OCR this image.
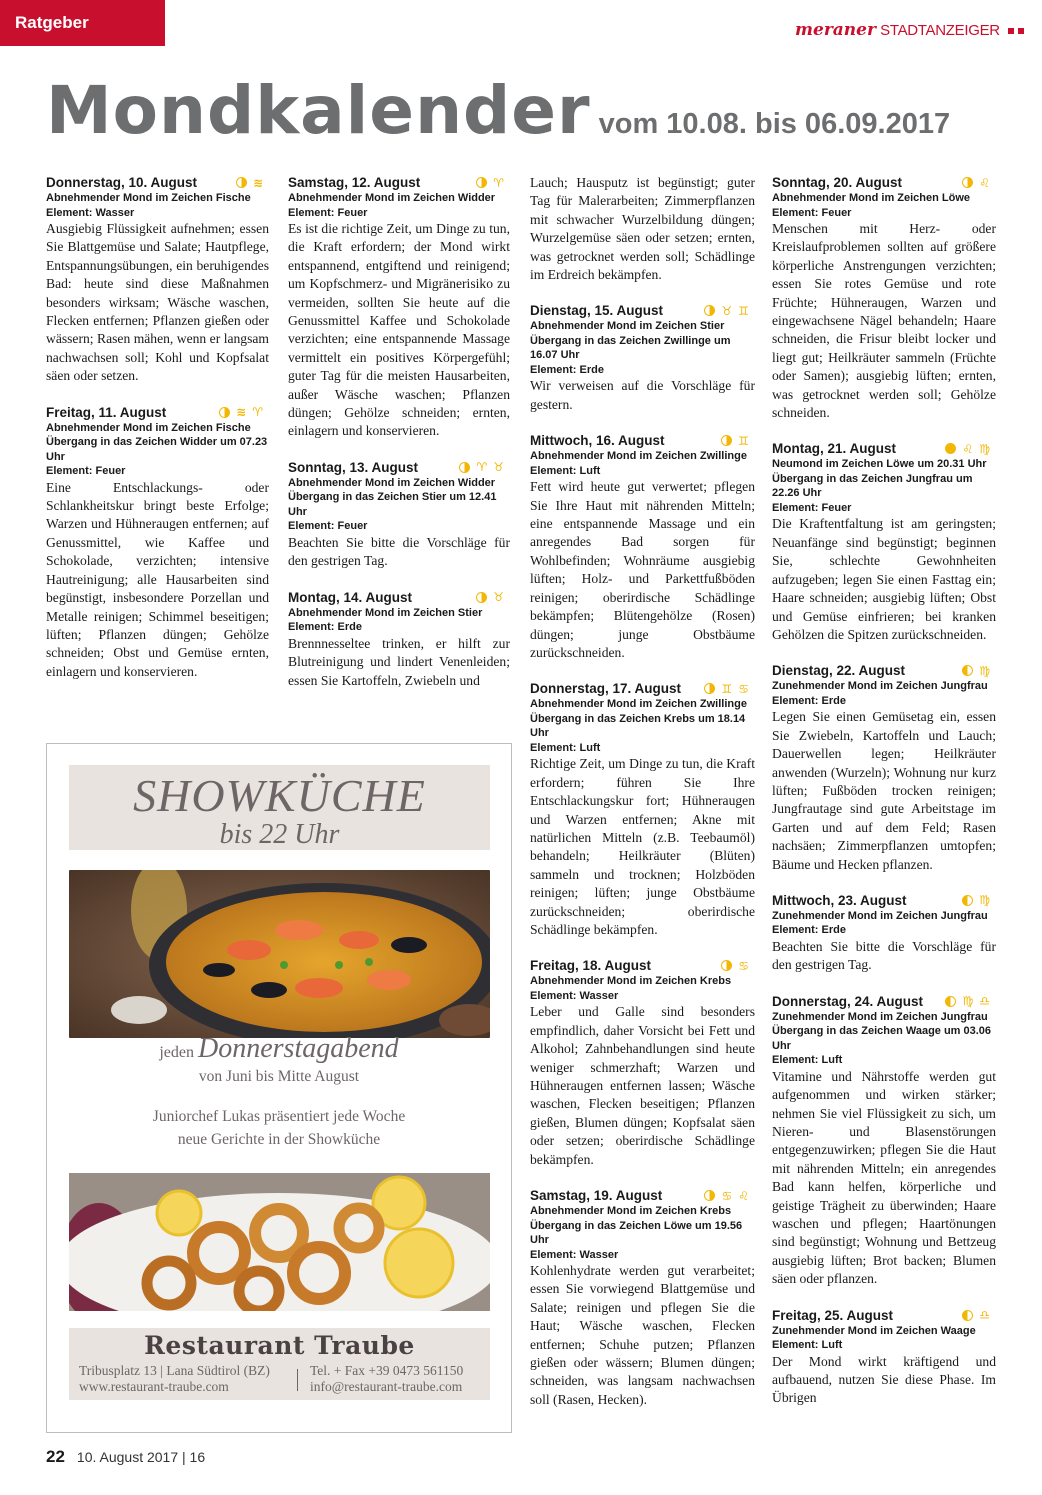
Ratgeber	meraner STADTANZEIGER
Mondkalender vom 10.08. bis 06.09.2017
Donnerstag, 10. August	≋
Abnehmender Mond im Zeichen Fische
Element: Wasser
Ausgiebig Flüssigkeit aufnehmen; essen Sie Blattgemüse und Salate; Hautpflege, Entspannungsübungen, ein beruhigendes Bad: heute sind diese Maßnahmen besonders wirksam; Wäsche waschen, Flecken entfernen; Pflanzen gießen oder wässern; Rasen mähen, wenn er langsam nachwachsen soll; Kohl und Kopfsalat säen oder setzen.
Freitag, 11. August	≋ ♈
Abnehmender Mond im Zeichen Fische
Übergang in das Zeichen Widder um 07.23 Uhr
Element: Feuer
Eine Entschlackungs- oder Schlankheitskur bringt beste Erfolge; Warzen und Hühneraugen entfernen; auf Genussmittel, wie Kaffee und Schokolade, verzichten; intensive Hautreinigung; alle Hausarbeiten sind begünstigt, insbesondere Porzellan und Metalle reinigen; Schimmel beseitigen; lüften; Pflanzen düngen; Gehölze schneiden; Obst und Gemüse ernten, einlagern und konservieren.
Samstag, 12. August	♈
Abnehmender Mond im Zeichen Widder
Element: Feuer
Es ist die richtige Zeit, um Dinge zu tun, die Kraft erfordern; der Mond wirkt entspannend, entgiftend und reinigend; um Kopfschmerz- und Migränerisiko zu vermeiden, sollten Sie heute auf die Genussmittel Kaffee und Schokolade verzichten; eine entspannende Massage vermittelt ein positives Körpergefühl; guter Tag für die meisten Hausarbeiten, außer Wäsche waschen; Pflanzen düngen; Gehölze schneiden; ernten, einlagern und konservieren.
Sonntag, 13. August	♈ ♉
Abnehmender Mond im Zeichen Widder
Übergang in das Zeichen Stier um 12.41 Uhr
Element: Feuer
Beachten Sie bitte die Vorschläge für den gestrigen Tag.
Montag, 14. August	♉
Abnehmender Mond im Zeichen Stier
Element: Erde
Brennnesseltee trinken, er hilft zur Blutreinigung und lindert Venenleiden; essen Sie Kartoffeln, Zwiebeln und
Lauch; Hausputz ist begünstigt; guter Tag für Malerarbeiten; Zimmerpflanzen mit schwacher Wurzelbildung düngen; Wurzelgemüse säen oder setzen; ernten, was getrocknet werden soll; Schädlinge im Erdreich bekämpfen.
Dienstag, 15. August	♉ ♊
Abnehmender Mond im Zeichen Stier
Übergang in das Zeichen Zwillinge um 16.07 Uhr
Element: Erde
Wir verweisen auf die Vorschläge für gestern.
Mittwoch, 16. August	♊
Abnehmender Mond im Zeichen Zwillinge
Element: Luft
Fett wird heute gut verwertet; pflegen Sie Ihre Haut mit nährenden Mitteln; eine entspannende Massage und ein anregendes Bad sorgen für Wohlbefinden; Wohnräume ausgiebig lüften; Holz- und Parkettfußböden reinigen; oberirdische Schädlinge bekämpfen; Blütengehölze (Rosen) düngen; junge Obstbäume zurückschneiden.
Donnerstag, 17. August	♊ ♋
Abnehmender Mond im Zeichen Zwillinge
Übergang in das Zeichen Krebs um 18.14 Uhr
Element: Luft
Richtige Zeit, um Dinge zu tun, die Kraft erfordern; führen Sie Ihre Entschlackungskur fort; Hühneraugen und Warzen entfernen; Akne mit natürlichen Mitteln (z.B. Teebaumöl) behandeln; Heilkräuter (Blüten) sammeln und trocknen; Holzböden reinigen; lüften; junge Obstbäume zurückschneiden; oberirdische Schädlinge bekämpfen.
Freitag, 18. August	♋
Abnehmender Mond im Zeichen Krebs
Element: Wasser
Leber und Galle sind besonders empfindlich, daher Vorsicht bei Fett und Alkohol; Zahnbehandlungen sind heute weniger schmerzhaft; Warzen und Hühneraugen entfernen lassen; Wäsche waschen, Flecken beseitigen; Pflanzen gießen, Blumen düngen; Kopfsalat säen oder setzen; oberirdische Schädlinge bekämpfen.
Samstag, 19. August	♋ ♌
Abnehmender Mond im Zeichen Krebs
Übergang in das Zeichen Löwe um 19.56 Uhr
Element: Wasser
Kohlenhydrate werden gut verarbeitet; essen Sie vorwiegend Blattgemüse und Salate; reinigen und pflegen Sie die Haut; Wäsche waschen, Flecken entfernen; Schuhe putzen; Pflanzen gießen oder wässern; Blumen düngen; schneiden, was langsam nachwachsen soll (Rasen, Hecken).
Sonntag, 20. August	♌
Abnehmender Mond im Zeichen Löwe
Element: Feuer
Menschen mit Herz- oder Kreislaufproblemen sollten auf größere körperliche Anstrengungen verzichten; essen Sie rotes Gemüse und rote Früchte; Hühneraugen, Warzen und eingewachsene Nägel behandeln; Haare schneiden, die Frisur bleibt locker und liegt gut; Heilkräuter sammeln (Früchte oder Samen); ausgiebig lüften; ernten, was getrocknet werden soll; Gehölze schneiden.
Montag, 21. August	♌ ♍
Neumond im Zeichen Löwe um 20.31 Uhr
Übergang in das Zeichen Jungfrau um 22.26 Uhr
Element: Feuer
Die Kraftentfaltung ist am geringsten; Neuanfänge sind begünstigt; beginnen Sie, schlechte Gewohnheiten aufzugeben; legen Sie einen Fasttag ein; Haare schneiden; ausgiebig lüften; Obst und Gemüse einfrieren; bei kranken Gehölzen die Spitzen zurückschneiden.
Dienstag, 22. August	♍
Zunehmender Mond im Zeichen Jungfrau
Element: Erde
Legen Sie einen Gemüsetag ein, essen Sie Zwiebeln, Kartoffeln und Lauch; Dauerwellen legen; Heilkräuter anwenden (Wurzeln); Wohnung nur kurz lüften; Fußböden trocken reinigen; Jungfrautage sind gute Arbeitstage im Garten und auf dem Feld; Rasen nachsäen; Zimmerpflanzen umtopfen; Bäume und Hecken pflanzen.
Mittwoch, 23. August	♍
Zunehmender Mond im Zeichen Jungfrau
Element: Erde
Beachten Sie bitte die Vorschläge für den gestrigen Tag.
Donnerstag, 24. August	♍ ♎
Zunehmender Mond im Zeichen Jungfrau
Übergang in das Zeichen Waage um 03.06 Uhr
Element: Luft
Vitamine und Nährstoffe werden gut aufgenommen und wirken stärker; nehmen Sie viel Flüssigkeit zu sich, um Nieren- und Blasenstörungen entgegenzuwirken; pflegen Sie die Haut mit nährenden Mitteln; ein anregendes Bad kann helfen, körperliche und geistige Trägheit zu überwinden; Haare waschen und pflegen; Haartönungen sind begünstigt; Wohnung und Bettzeug ausgiebig lüften; Brot backen; Blumen säen oder pflanzen.
Freitag, 25. August	♎
Zunehmender Mond im Zeichen Waage
Element: Luft
Der Mond wirkt kräftigend und aufbauend, nutzen Sie diese Phase. Im Übrigen
SHOWKÜCHE
bis 22 Uhr
jeden Donnerstagabend
von Juni bis Mitte August
Juniorchef Lukas präsentiert jede Woche
neue Gerichte in der Showküche
Restaurant Traube
Tribusplatz 13 | Lana Südtirol (BZ)
www.restaurant-traube.com
Tel. + Fax +39 0473 561150
info@restaurant-traube.com
22 10. August 2017 | 16
